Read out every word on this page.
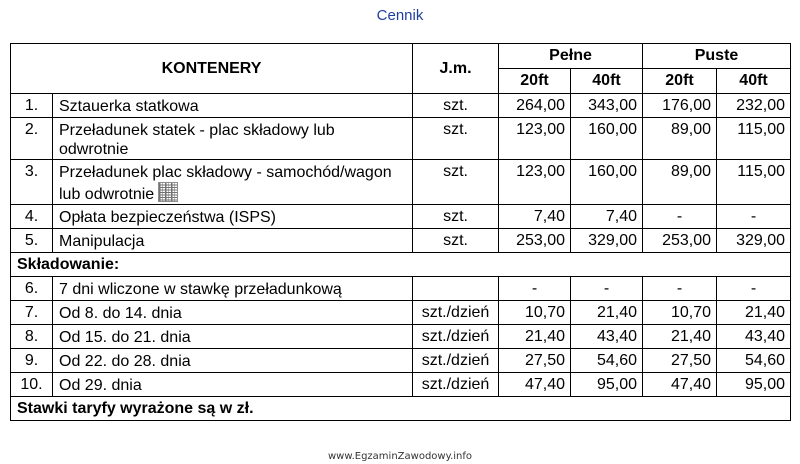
Cennik
KONTENERY		J.m.	Pełne		Puste	
			20ft	40ft	20ft	40ft
1.	Sztauerka statkowa	szt.	264,00	343,00	176,00	232,00
2.	Przeładunek statek - plac składowy lub odwrotnie	szt.	123,00	160,00	89,00	115,00
3.	Przeładunek plac składowy - samochód/wagon lub odwrotnie	szt.	123,00	160,00	89,00	115,00
4.	Opłata bezpieczeństwa (ISPS)	szt.	7,40	7,40	-	-
5.	Manipulacja	szt.	253,00	329,00	253,00	329,00
Składowanie:						
6.	7 dni wliczone w stawkę przeładunkową		-	-	-	-
7.	Od 8. do 14. dnia	szt./dzień	10,70	21,40	10,70	21,40
8.	Od 15. do 21. dnia	szt./dzień	21,40	43,40	21,40	43,40
9.	Od 22. do 28. dnia	szt./dzień	27,50	54,60	27,50	54,60
10.	Od 29. dnia	szt./dzień	47,40	95,00	47,40	95,00
Stawki taryfy wyrażone są w zł.						
www.EgzaminZawodowy.info
